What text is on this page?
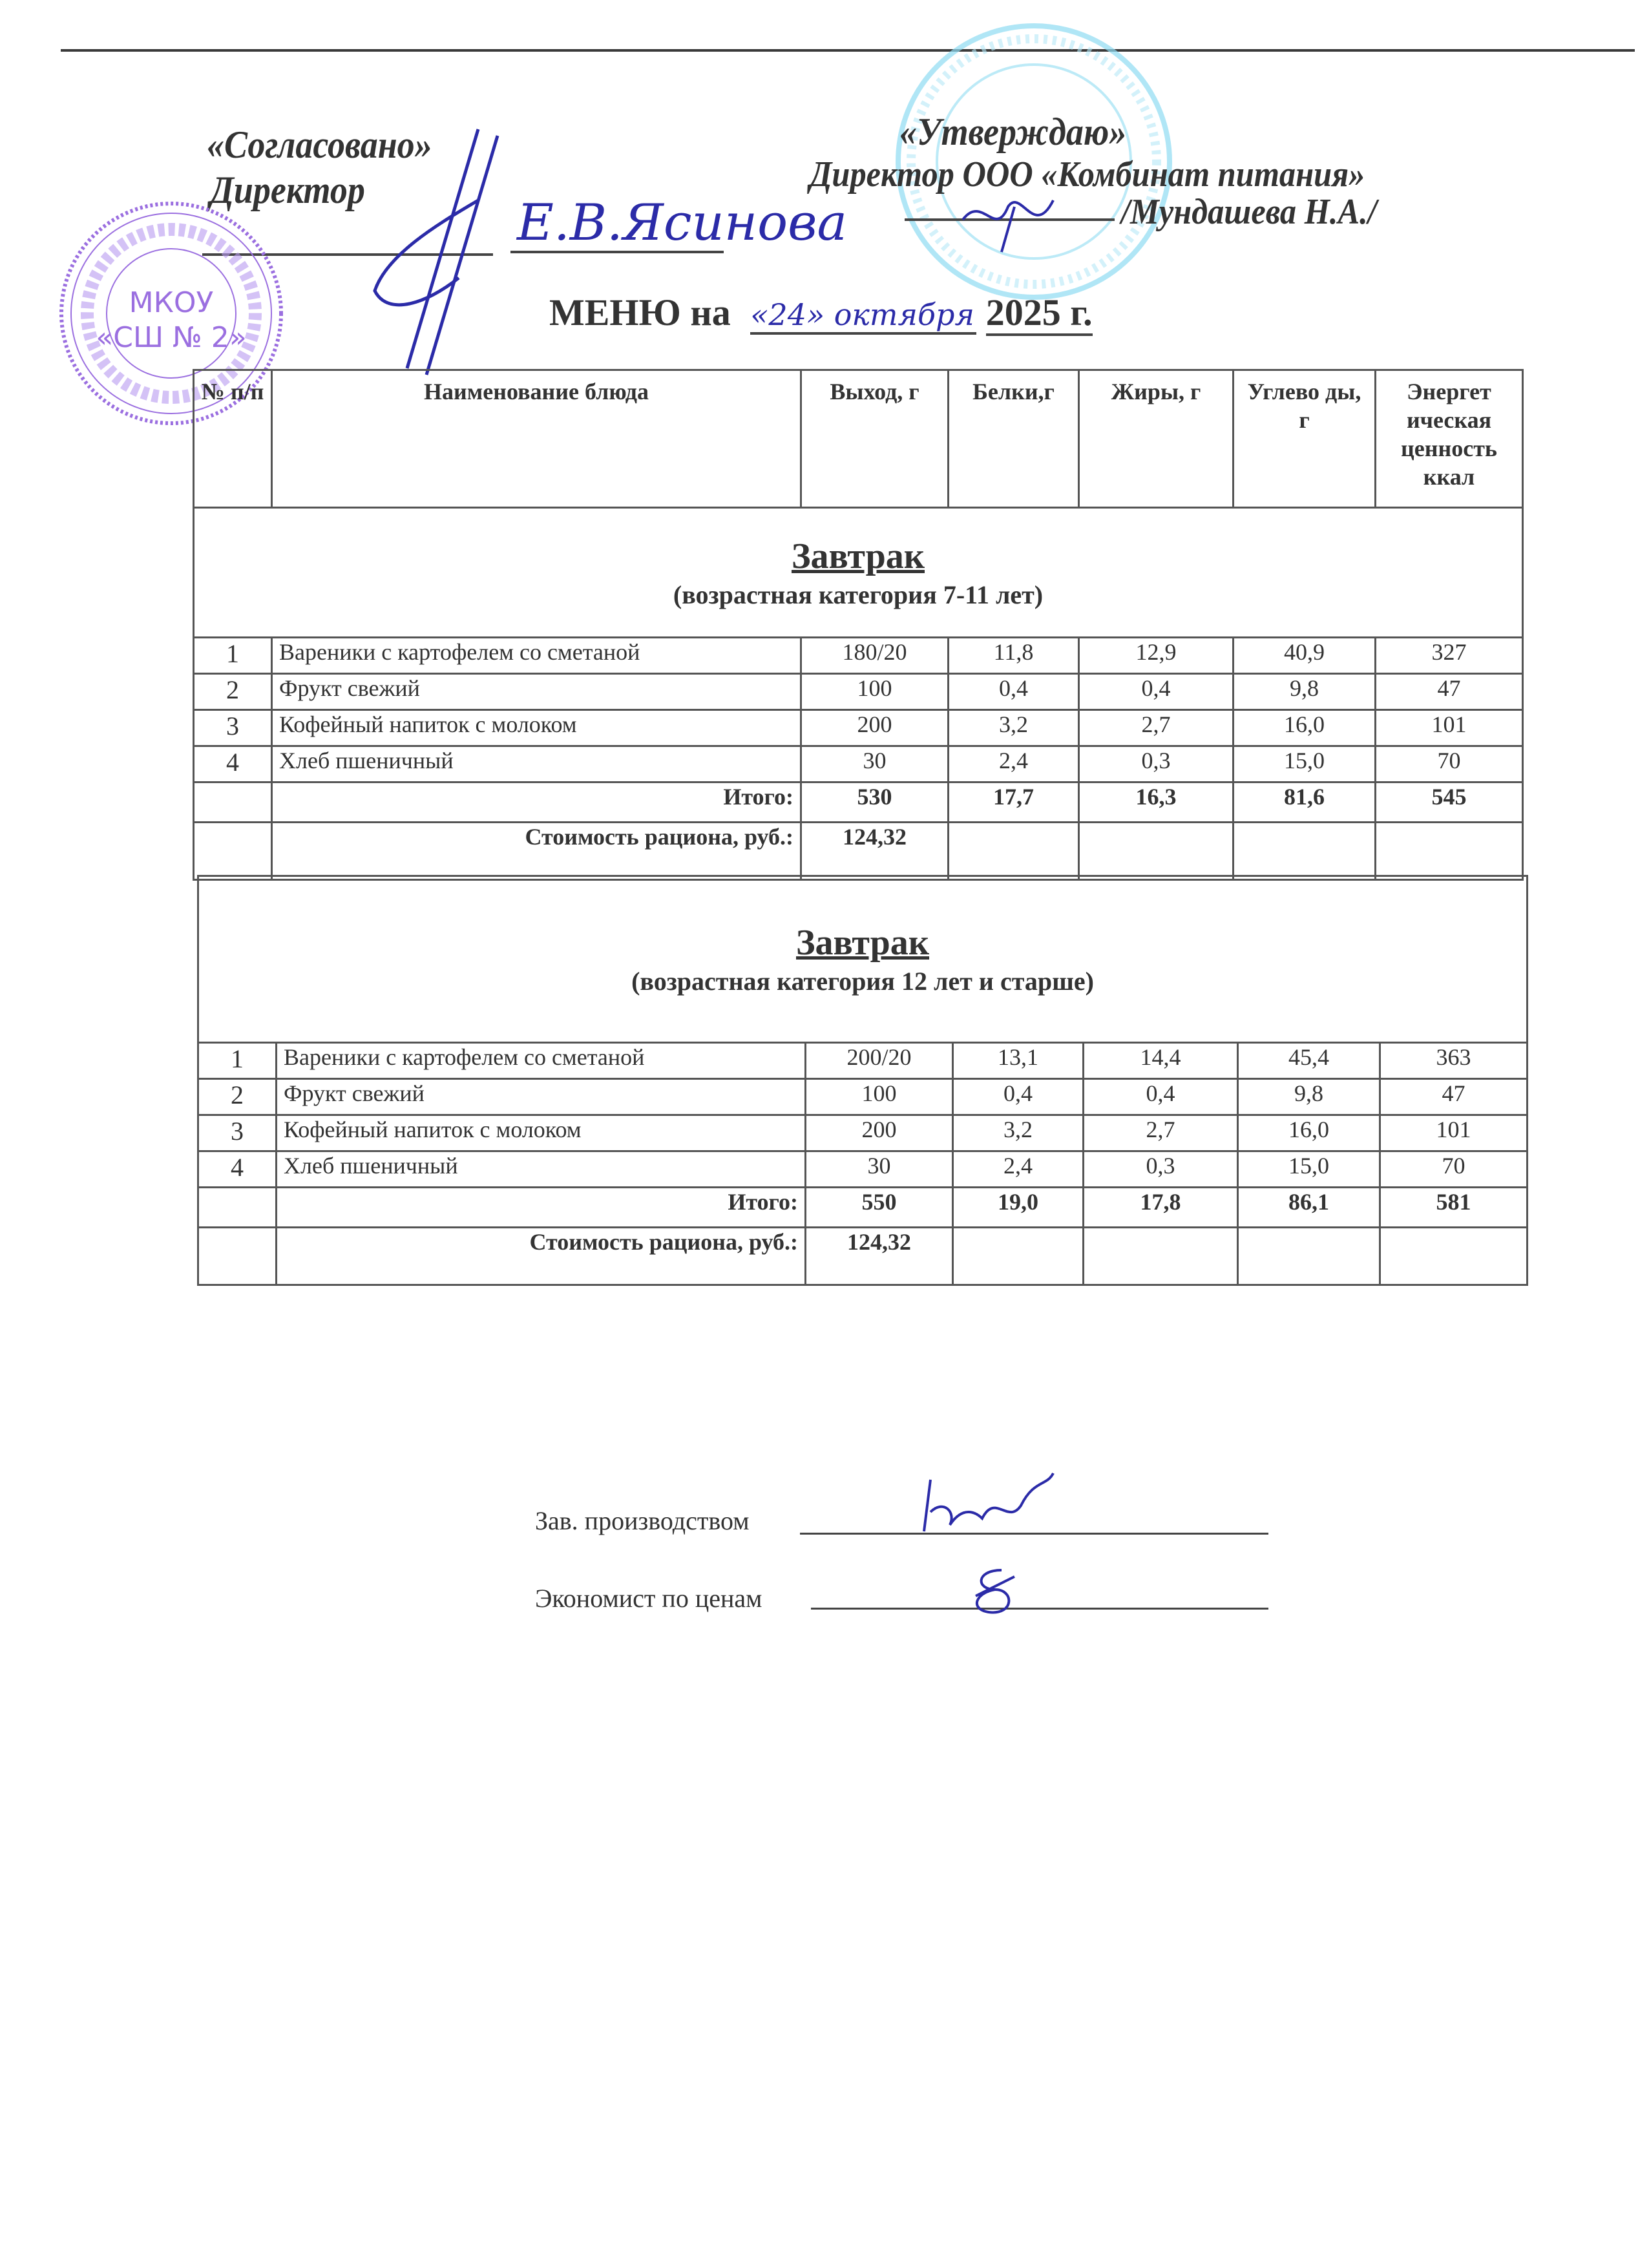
«Согласовано»
Директор
Е.В.Ясинова
МКОУ
«СШ № 2»
«Утверждаю»
Директор ООО «Комбинат питания»
/Мундашева Н.А./
МЕНЮ на «24» октября 2025 г.
№ п/п	Наименование блюда	Выход, г	Белки,г	Жиры, г	Углево ды, г	Энергет ическая ценность ккал

Завтрак
(возрастная категория 7-11 лет)						

1	Вареники с картофелем со сметаной	180/20	11,8	12,9	40,9	327
2	Фрукт свежий	100	0,4	0,4	9,8	47
3	Кофейный напиток с молоком	200	3,2	2,7	16,0	101
4	Хлеб пшеничный	30	2,4	0,3	15,0	70
	Итого:	530	17,7	16,3	81,6	545
	Стоимость рациона, руб.:	124,32				
Завтрак
(возрастная категория 12 лет и старше)						

1	Вареники с картофелем со сметаной	200/20	13,1	14,4	45,4	363
2	Фрукт свежий	100	0,4	0,4	9,8	47
3	Кофейный напиток с молоком	200	3,2	2,7	16,0	101
4	Хлеб пшеничный	30	2,4	0,3	15,0	70
	Итого:	550	19,0	17,8	86,1	581
	Стоимость рациона, руб.:	124,32				
Зав. производством
Экономист по ценам
